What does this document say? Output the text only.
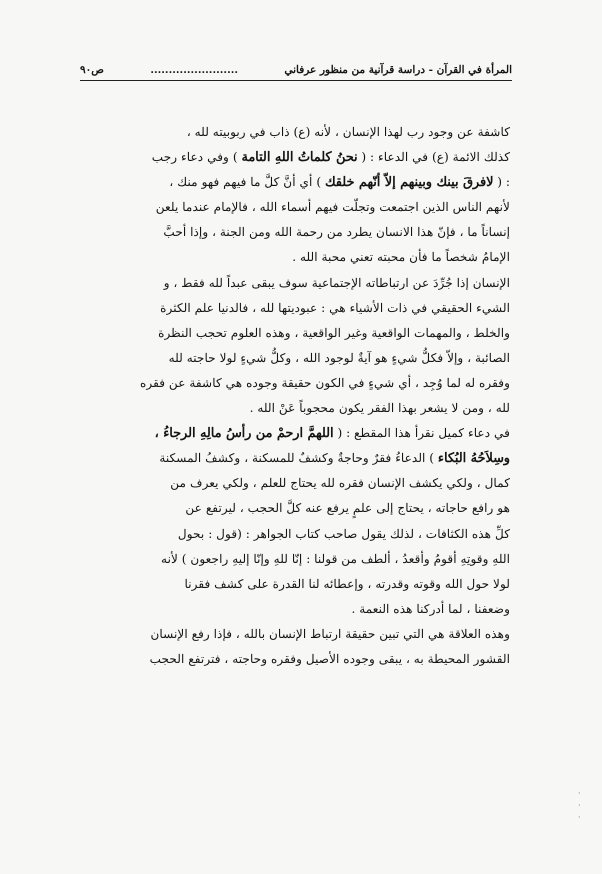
المرأة في القرآن - دراسة قرآنية من منظور عرفاني
........................
ص٩٠

كاشفة عن وجود رب لهذا الإنسان ، لأنه (ع) ذاب في ربوبيته لله ،

كذلك الائمة (ع) في الدعاء : ( نحنُ كلماتُ اللهِ التامة ) وفي دعاء رجب

: ( لافرقَ بينك وبينهم إلاّ أنّهم خلقك ) أي أنَّ كلَّ ما فيهم فهو منك ،

لأنهم الناس الذين اجتمعت وتجلّت فيهم أسماء الله ، فالإمام عندما يلعن

إنساناً ما ، فإنّ هذا الانسان يطرد من رحمة الله ومن الجنة ، وإذا أحبَّ

الإمامُ شخصاً ما فأن محبته تعني محبة الله .

الإنسان إذا جُرِّدَ عن ارتباطاته الإجتماعية سوف يبقى عبداً لله فقط ، و

الشيء الحقيقي في ذات الأشياء هي : عبوديتها لله ، فالدنيا علم الكثرة

والخلط ، والمهمات الواقعية وغير الواقعية ، وهذه العلوم تحجب النظرة

الصائبة ، وإلاّ فكلُّ شيءٍ هو آيةٌ لوجود الله ، وكلُّ شيءٍ لولا حاجته لله

وفقره له لما وُجِد ، أي شيءٍ في الكون حقيقة وجوده هي كاشفة عن فقره

لله ، ومن لا يشعر بهذا الفقر يكون محجوباً عَنْ الله .

في دعاء كميل نقرأ هذا المقطع : ( اللهمَّ ارحمْ من رأسُ مالِهِ الرجاءُ ،

وسِلاَحُهُ البُكاء ) الدعاءُ فقرٌ وحاجةٌ وكشفٌ للمسكنة ، وكشفُ المسكنة

كمال ، ولكي يكشف الإنسان فقره لله يحتاج للعلم ، ولكي يعرف من

هو رافع حاجاته ، يحتاج إلى علمٍ يرفع عنه كلَّ الحجب ، ليرتفع عن

كلِّ هذه الكثافات ، لذلك يقول صاحب كتاب الجواهر : (قول : بحول

اللهِ وقوتِهِ أقومُ وأقعدُ ، ألطف من قولنا : إنّا للهِ وإنّا إليهِ راجعون ) لأنه

لولا حول الله وقوته وقدرته ، وإعطائه لنا القدرة على كشف فقرنا

وضعفنا ، لما أدركنا هذه النعمة .

وهذه العلاقة هي التي تبين حقيقة ارتباط الإنسان بالله ، فإذا رفع الإنسان

القشور المحيطة به ، يبقى وجوده الأصيل وفقره وحاجته ، فترتفع الحجب

·
·
·
